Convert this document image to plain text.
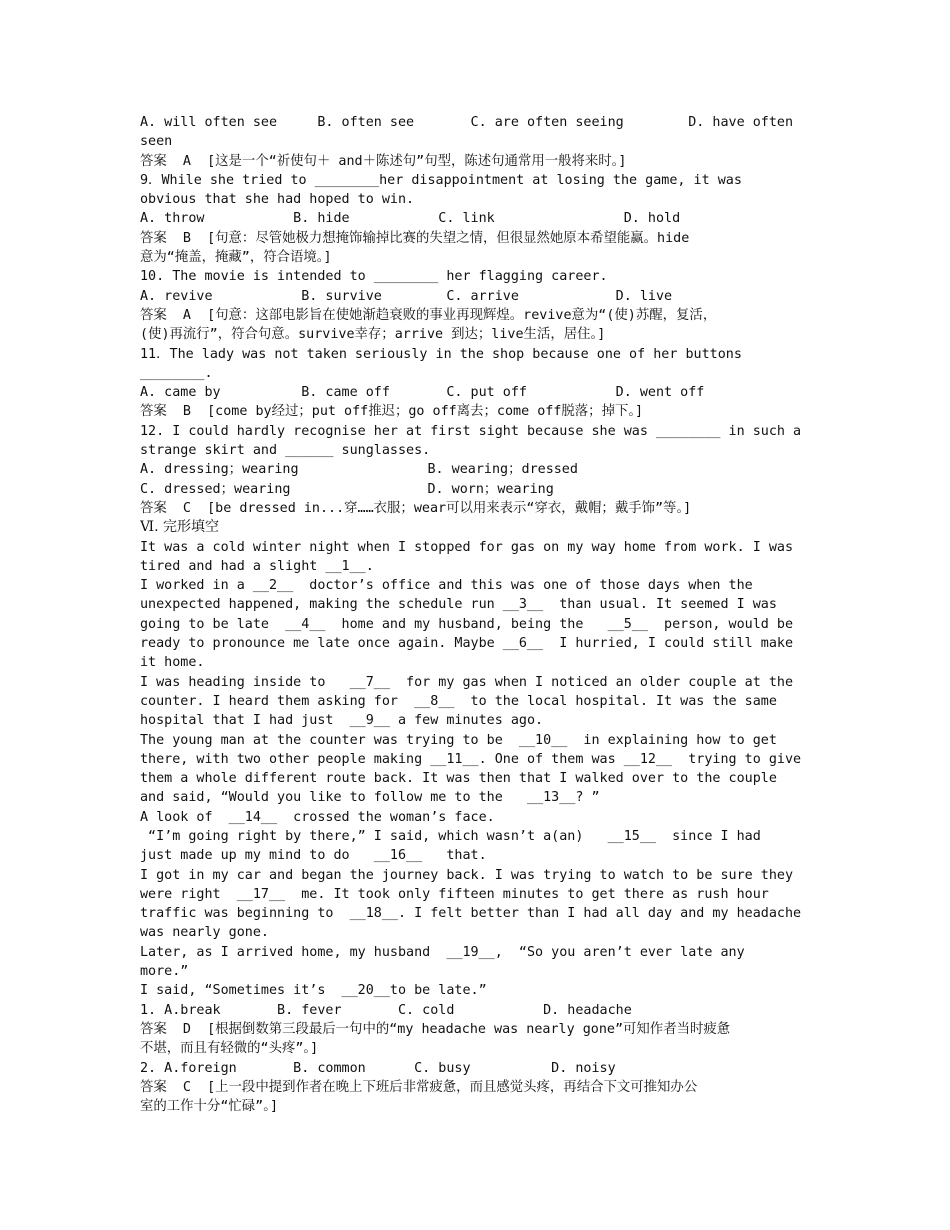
A. will often see     B. often see       C. are often seeing        D. have often
seen
答案  A  [这是一个“祈使句＋ and＋陈述句”句型，陈述句通常用一般将来时。]
9．While she tried to ________her disappointment at losing the game, it was
obvious that she had hoped to win.
A. throw           B. hide           C. link                D. hold
答案  B  [句意：尽管她极力想掩饰输掉比赛的失望之情，但很显然她原本希望能赢。hide
意为“掩盖，掩藏”，符合语境。]
10. The movie is intended to ________ her flagging career.
A. revive           B. survive        C. arrive            D. live
答案  A  [句意：这部电影旨在使她渐趋衰败的事业再现辉煌。revive意为“(使)苏醒，复活，
(使)再流行”，符合句意。survive幸存；arrive 到达；live生活，居住。]
11．The lady was not taken seriously in the shop because one of her buttons
________.
A. came by          B. came off       C. put off           D. went off
答案  B  [come by经过；put off推迟；go off离去；come off脱落；掉下。]
12. I could hardly recognise her at first sight because she was ________ in such a
strange skirt and ______ sunglasses.
A. dressing；wearing                B. wearing；dressed
C. dressed；wearing                 D. worn；wearing
答案  C  [be dressed in...穿……衣服；wear可以用来表示“穿衣，戴帽；戴手饰”等。]
Ⅵ. 完形填空
It was a cold winter night when I stopped for gas on my way home from work. I was
tired and had a slight __1__.
I worked in a __2__  doctor’s office and this was one of those days when the
unexpected happened, making the schedule run __3__  than usual. It seemed I was
going to be late  __4__  home and my husband, being the   __5__  person, would be
ready to pronounce me late once again. Maybe __6__  I hurried, I could still make
it home.
I was heading inside to   __7__  for my gas when I noticed an older couple at the
counter. I heard them asking for  __8__  to the local hospital. It was the same
hospital that I had just  __9__ a few minutes ago.
The young man at the counter was trying to be  __10__  in explaining how to get
there, with two other people making __11__. One of them was __12__  trying to give
them a whole different route back. It was then that I walked over to the couple
and said, “Would you like to follow me to the   __13__? ”
A look of  __14__  crossed the woman’s face.
“I’m going right by there,” I said, which wasn’t a(an)   __15__  since I had
just made up my mind to do   __16__   that.
I got in my car and began the journey back. I was trying to watch to be sure they
were right  __17__  me. It took only fifteen minutes to get there as rush hour
traffic was beginning to  __18__. I felt better than I had all day and my headache
was nearly gone.
Later, as I arrived home, my husband  __19__,  “So you aren’t ever late any
more.”
I said, “Sometimes it’s  __20__to be late.”
1. A.break       B. fever       C. cold           D. headache
答案  D  [根据倒数第三段最后一句中的“my headache was nearly gone”可知作者当时疲惫
不堪，而且有轻微的“头疼”。]
2. A.foreign       B. common      C. busy          D. noisy
答案  C  [上一段中提到作者在晚上下班后非常疲惫，而且感觉头疼，再结合下文可推知办公
室的工作十分“忙碌”。]
